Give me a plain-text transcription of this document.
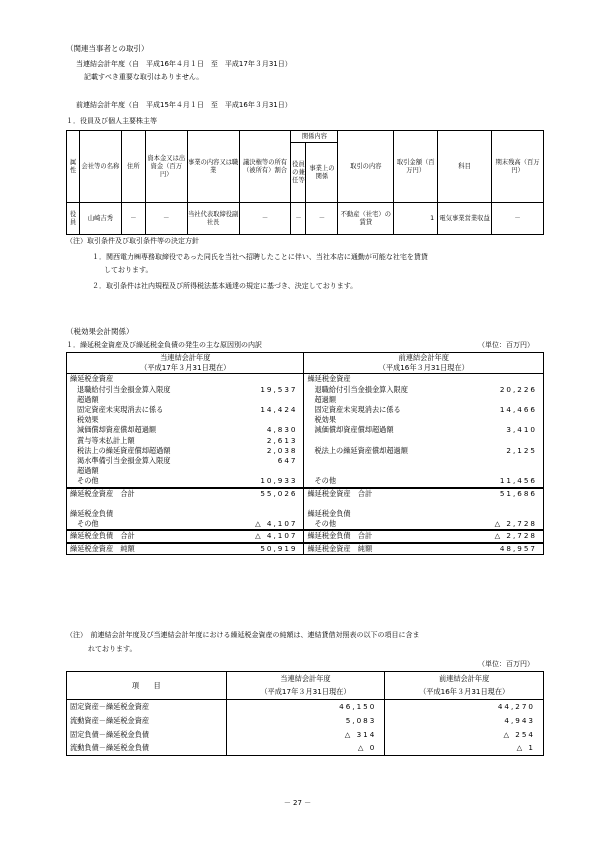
（関連当事者との取引）
当連結会計年度（自　平成16年４月１日　至　平成17年３月31日）
記載すべき重要な取引はありません。
前連結会計年度（自　平成15年４月１日　至　平成16年３月31日）
１．役員及び個人主要株主等
属性	会社等の名称	住所	資本金又は出資金（百万円）	事業の内容又は職業	議決権等の所有（被所有）割合	関係内容		取引の内容	取引金額（百万円）	科目	期末残高（百万円）
						役員の兼任等	事業上の関係				
役員	山崎吉秀	－	－	当社代表取締役副社長	－	－	－	不動産（社宅）の賃貸	1	電気事業営業収益	－
（注）取引条件及び取引条件等の決定方針
１．関西電力㈱専務取締役であった同氏を当社へ招聘したことに伴い、当社本店に通勤が可能な社宅を賃貸
しております。
２．取引条件は社内規程及び所得税法基本通達の規定に基づき、決定しております。
（税効果会計関係）
１．繰延税金資産及び繰延税金負債の発生の主な原因別の内訳	（単位：百万円）
当連結会計年度		前連結会計年度	
（平成17年３月31日現在）		（平成16年３月31日現在）	
繰延税金資産		繰延税金資産	
退職給付引当金損金算入限度	19,537	退職給付引当金損金算入限度	20,226
超過額		超過額	
固定資産未実現消去に係る	14,424	固定資産未実現消去に係る	14,466
税効果		税効果	
減価償却資産償却超過額	4,830	減価償却資産償却超過額	3,410
賞与等未払計上額	2,613		
税法上の繰延資産償却超過額	2,038	税法上の繰延資産償却超過額	2,125
渇水準備引当金損金算入限度	647		
超過額			
その他	10,933	その他	11,456
繰延税金資産　合計	55,026	繰延税金資産　合計	51,686

繰延税金負債		繰延税金負債	
その他	△ 4,107	その他	△ 2,728
繰延税金負債　合計	△ 4,107	繰延税金負債　合計	△ 2,728
繰延税金資産　純額	50,919	繰延税金資産　純額	48,957
（注）　前連結会計年度及び当連結会計年度における繰延税金資産の純額は、連結貸借対照表の以下の項目に含ま
れております。
（単位：百万円）
項　　目	当連結会計年度	前連結会計年度
	（平成17年３月31日現在）	（平成16年３月31日現在）
固定資産－繰延税金資産	46,150	44,270
流動資産－繰延税金資産	5,083	4,943
固定負債－繰延税金負債	△ 314	△ 254
流動負債－繰延税金負債	△ 0	△ 1
－ 27 －
